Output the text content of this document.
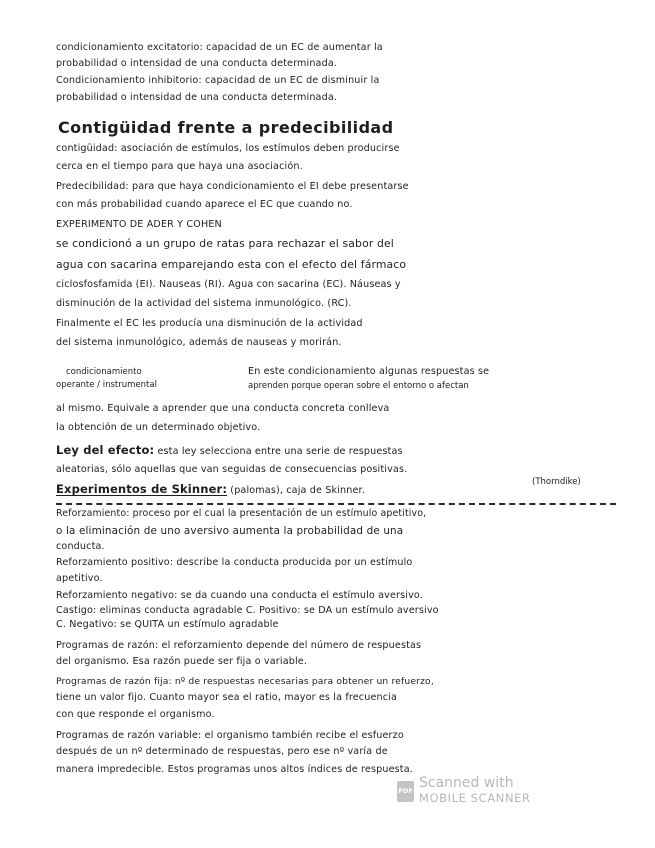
condicionamiento excitatorio: capacidad de un EC de aumentar la
probabilidad o intensidad de una conducta determinada.
Condicionamiento inhibitorio: capacidad de un EC de disminuir la
probabilidad o intensidad de una conducta determinada.
Contigüidad frente a predecibilidad
contigüidad: asociación de estímulos, los estímulos deben producirse
cerca en el tiempo para que haya una asociación.
Predecibilidad: para que haya condicionamiento el EI debe presentarse
con más probabilidad cuando aparece el EC que cuando no.
EXPERIMENTO DE ADER Y COHEN
se condicionó a un grupo de ratas para rechazar el sabor del
agua con sacarina emparejando esta con el efecto del fármaco
ciclosfosfamida (EI). Nauseas (RI). Agua con sacarina (EC). Náuseas y
disminución de la actividad del sistema inmunológico. (RC).
Finalmente el EC les producía una disminución de la actividad
del sistema inmunológico, además de nauseas y morirán.
condicionamiento
operante / instrumental
En este condicionamiento algunas respuestas se
aprenden porque operan sobre el entorno o afectan
al mismo. Equivale a aprender que una conducta concreta conlleva
la obtención de un determinado objetivo.
Ley del efecto: esta ley selecciona entre una serie de respuestas
aleatorias, sólo aquellas que van seguidas de consecuencias positivas.
(Thorndike)
Experimentos de Skinner: (palomas), caja de Skinner.
Reforzamiento: proceso por el cual la presentación de un estímulo apetitivo,
o la eliminación de uno aversivo aumenta la probabilidad de una
conducta.
Reforzamiento positivo: describe la conducta producida por un estímulo
apetitivo.
Reforzamiento negativo: se da cuando una conducta el estímulo aversivo.
Castigo: eliminas conducta agradable C. Positivo: se DA un estímulo aversivo
C. Negativo: se QUITA un estímulo agradable
Programas de razón: el reforzamiento depende del número de respuestas
del organismo. Esa razón puede ser fija o variable.
Programas de razón fija: nº de respuestas necesarias para obtener un refuerzo,
tiene un valor fijo. Cuanto mayor sea el ratio, mayor es la frecuencia
con que responde el organismo.
Programas de razón variable: el organismo también recibe el esfuerzo
después de un nº determinado de respuestas, pero ese nº varía de
manera impredecible. Estos programas unos altos índices de respuesta.
PDF Scanned with
MOBILE SCANNER
